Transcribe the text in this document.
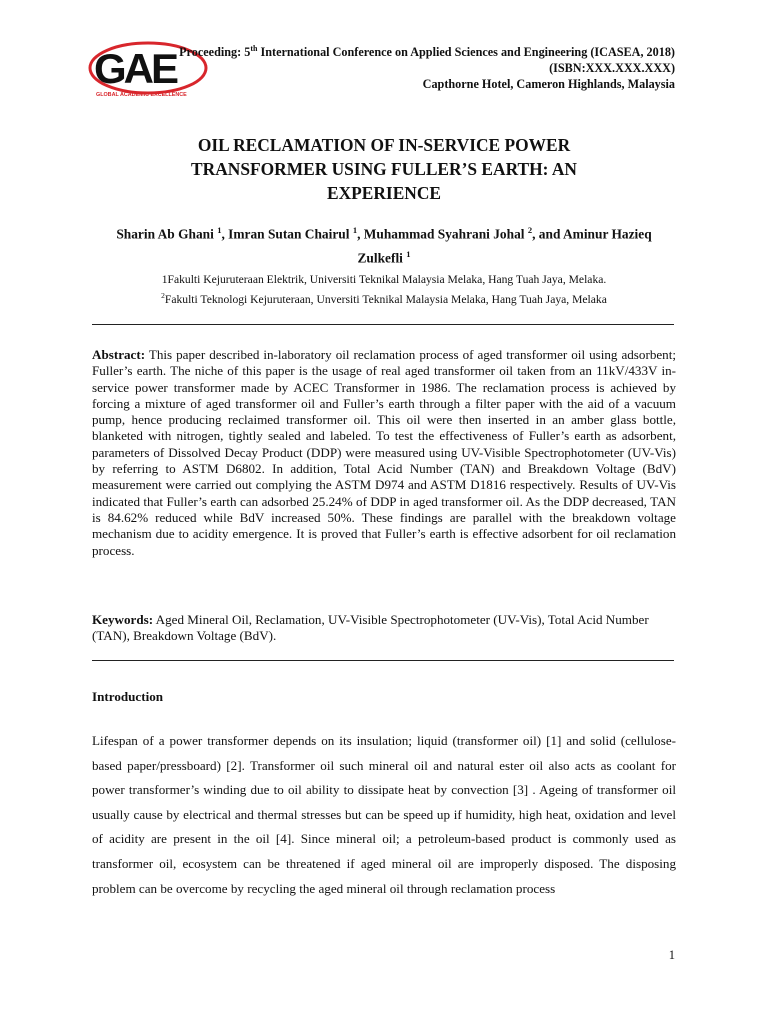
GAE
GLOBAL ACADEMIC EXCELLENCE
Proceeding: 5th International Conference on Applied Sciences and Engineering (ICASEA, 2018)
(ISBN:XXX.XXX.XXX)
Capthorne Hotel, Cameron Highlands, Malaysia
OIL RECLAMATION OF IN-SERVICE POWER
TRANSFORMER USING FULLER’S EARTH: AN
EXPERIENCE
Sharin Ab Ghani $^1$, Imran Sutan Chairul $^1$, Muhammad Syahrani Johal $^2$, and Aminur Hazieq Zulkefli $^1$
1Fakulti Kejuruteraan Elektrik, Universiti Teknikal Malaysia Melaka, Hang Tuah Jaya, Melaka.
$^2$Fakulti Teknologi Kejuruteraan, Unversiti Teknikal Malaysia Melaka, Hang Tuah Jaya, Melaka
Abstract: This paper described in-laboratory oil reclamation process of aged transformer oil using adsorbent; Fuller’s earth. The niche of this paper is the usage of real aged transformer oil taken from an 11kV/433V in-service power transformer made by ACEC Transformer in 1986. The reclamation process is achieved by forcing a mixture of aged transformer oil and Fuller’s earth through a filter paper with the aid of a vacuum pump, hence producing reclaimed transformer oil. This oil were then inserted in an amber glass bottle, blanketed with nitrogen, tightly sealed and labeled. To test the effectiveness of Fuller’s earth as adsorbent, parameters of Dissolved Decay Product (DDP) were measured using UV-Visible Spectrophotometer (UV-Vis) by referring to ASTM D6802. In addition, Total Acid Number (TAN) and Breakdown Voltage (BdV) measurement were carried out complying the ASTM D974 and ASTM D1816 respectively. Results of UV-Vis indicated that Fuller’s earth can adsorbed 25.24% of DDP in aged transformer oil. As the DDP decreased, TAN is 84.62% reduced while BdV increased 50%. These findings are parallel with the breakdown voltage mechanism due to acidity emergence. It is proved that Fuller’s earth is effective adsorbent for oil reclamation process.
Keywords: Aged Mineral Oil, Reclamation, UV-Visible Spectrophotometer (UV-Vis), Total Acid Number (TAN), Breakdown Voltage (BdV).
Introduction
Lifespan of a power transformer depends on its insulation; liquid (transformer oil) [1] and solid (cellulose-based paper/pressboard) [2]. Transformer oil such mineral oil and natural ester oil also acts as coolant for power transformer’s winding due to oil ability to dissipate heat by convection [3] . Ageing of transformer oil usually cause by electrical and thermal stresses but can be speed up if humidity, high heat, oxidation and level of acidity are present in the oil [4]. Since mineral oil; a petroleum-based product is commonly used as transformer oil, ecosystem can be threatened if aged mineral oil are improperly disposed. The disposing problem can be overcome by recycling the aged mineral oil through reclamation process
1
